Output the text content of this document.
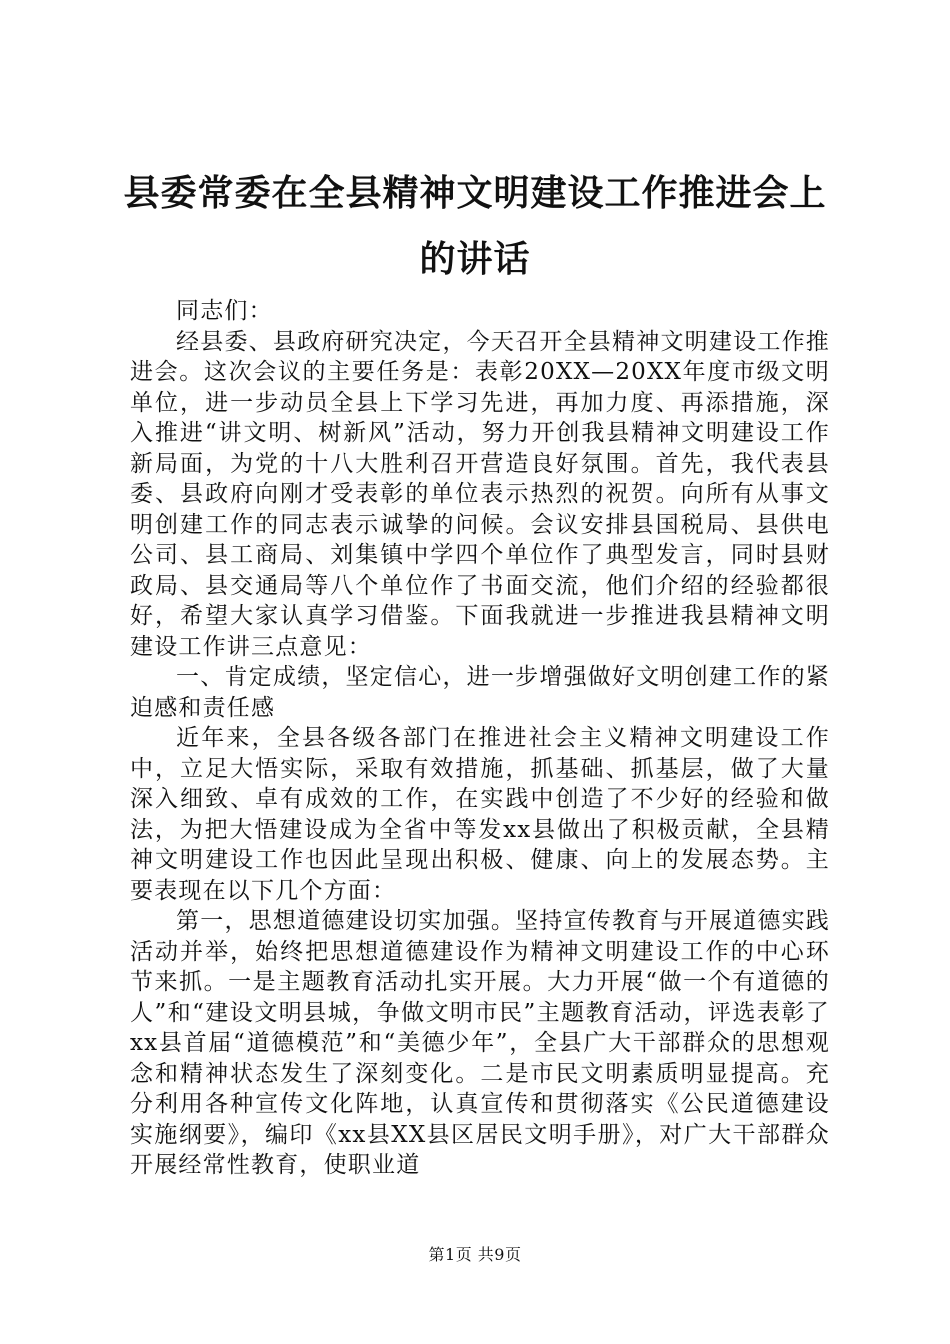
县委常委在全县精神文明建设工作推进会上的讲话

同志们：

经县委、县政府研究决定，今天召开全县精神文明建设工作推进会。这次会议的主要任务是：表彰20XX—20XX年度市级文明单位，进一步动员全县上下学习先进，再加力度、再添措施，深入推进“讲文明、树新风”活动，努力开创我县精神文明建设工作新局面，为党的十八大胜利召开营造良好氛围。首先，我代表县委、县政府向刚才受表彰的单位表示热烈的祝贺。向所有从事文明创建工作的同志表示诚挚的问候。会议安排县国税局、县供电公司、县工商局、刘集镇中学四个单位作了典型发言，同时县财政局、县交通局等八个单位作了书面交流，他们介绍的经验都很好，希望大家认真学习借鉴。下面我就进一步推进我县精神文明建设工作讲三点意见：

一、肯定成绩，坚定信心，进一步增强做好文明创建工作的紧迫感和责任感

近年来，全县各级各部门在推进社会主义精神文明建设工作中，立足大悟实际，采取有效措施，抓基础、抓基层，做了大量深入细致、卓有成效的工作，在实践中创造了不少好的经验和做法，为把大悟建设成为全省中等发xx县做出了积极贡献，全县精神文明建设工作也因此呈现出积极、健康、向上的发展态势。主要表现在以下几个方面：

第一，思想道德建设切实加强。坚持宣传教育与开展道德实践活动并举，始终把思想道德建设作为精神文明建设工作的中心环节来抓。一是主题教育活动扎实开展。大力开展“做一个有道德的人”和“建设文明县城，争做文明市民”主题教育活动，评选表彰了xx县首届“道德模范”和“美德少年”，全县广大干部群众的思想观念和精神状态发生了深刻变化。二是市民文明素质明显提高。充分利用各种宣传文化阵地，认真宣传和贯彻落实《公民道德建设实施纲要》，编印《xx县XX县区居民文明手册》，对广大干部群众开展经常性教育，使职业道

第1页 共9页
